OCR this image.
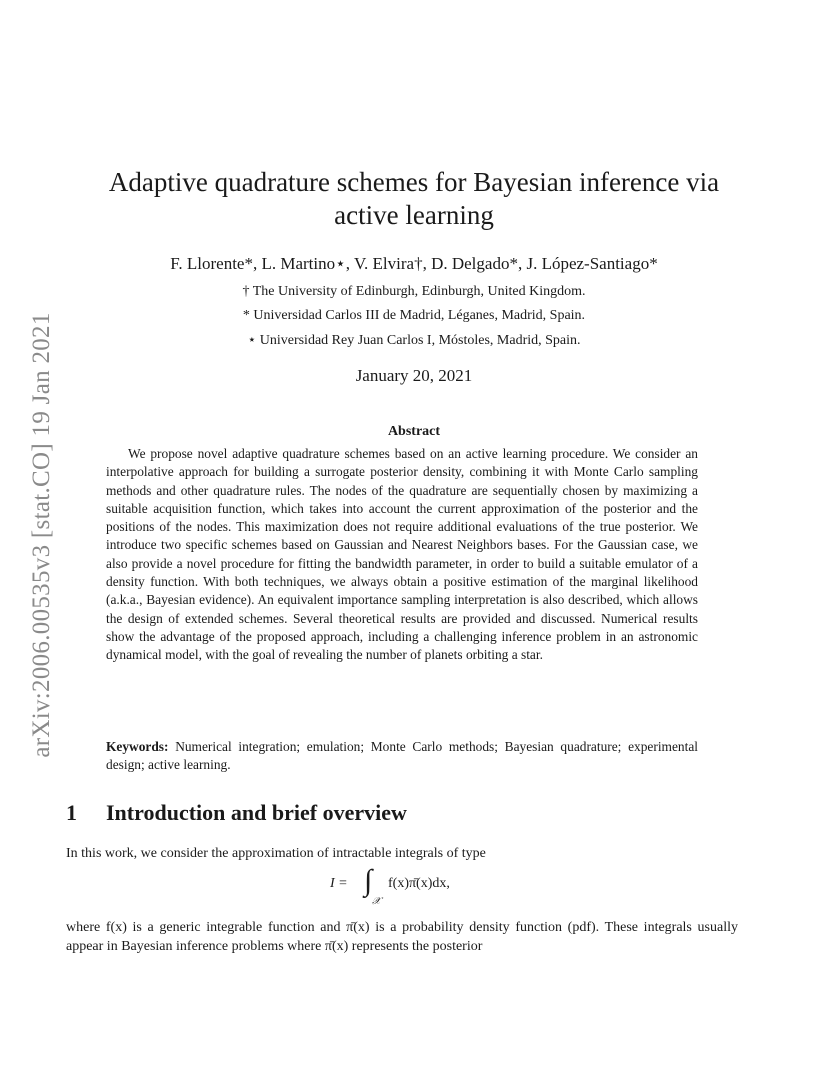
arXiv:2006.00535v3 [stat.CO] 19 Jan 2021
Adaptive quadrature schemes for Bayesian inference via
active learning
F. Llorente*, L. Martino⋆, V. Elvira†, D. Delgado*, J. López-Santiago*
† The University of Edinburgh, Edinburgh, United Kingdom.
* Universidad Carlos III de Madrid, Léganes, Madrid, Spain.
⋆ Universidad Rey Juan Carlos I, Móstoles, Madrid, Spain.
January 20, 2021
Abstract

We propose novel adaptive quadrature schemes based on an active learning procedure. We consider an interpolative approach for building a surrogate posterior density, combining it with Monte Carlo sampling methods and other quadrature rules. The nodes of the quadrature are sequentially chosen by maximizing a suitable acquisition function, which takes into account the current approximation of the posterior and the positions of the nodes. This maximization does not require additional evaluations of the true posterior. We introduce two specific schemes based on Gaussian and Nearest Neighbors bases. For the Gaussian case, we also provide a novel procedure for fitting the bandwidth parameter, in order to build a suitable emulator of a density function. With both techniques, we always obtain a positive estimation of the marginal likelihood (a.k.a., Bayesian evidence). An equivalent importance sampling interpretation is also described, which allows the design of extended schemes. Several theoretical results are provided and discussed. Numerical results show the advantage of the proposed approach, including a challenging inference problem in an astronomic dynamical model, with the goal of revealing the number of planets orbiting a star.

Keywords: Numerical integration; emulation; Monte Carlo methods; Bayesian quadrature; experimental design; active learning.

1 Introduction and brief overview

In this work, we consider the approximation of intractable integrals of type

I = ∫
𝒳
f(x)π̄(x)dx,

where f(x) is a generic integrable function and π̄(x) is a probability density function (pdf). These integrals usually appear in Bayesian inference problems where π̄(x) represents the posterior
